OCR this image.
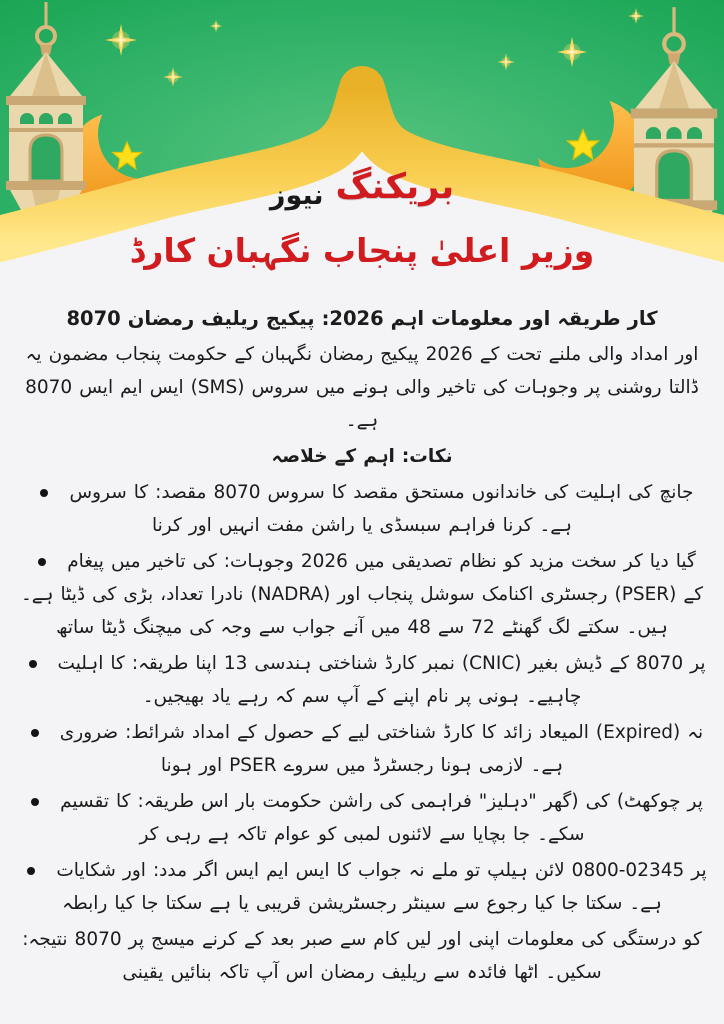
بریکنگ
نیوز
وزیر اعلیٰ پنجاب نگہبان کارڈ
8070 رمضان ریلیف پیکیج 2026: اہم معلومات اور طریقہ کار
یہ مضمون پنجاب حکومت کے نگہبان رمضان پیکیج 2026 کے تحت ملنے والی امداد اور
8070 ایس ایم ایس (SMS) سروس میں ہونے والی تاخیر کی وجوہات پر روشنی ڈالتا
ہے۔
خلاصہ کے اہم نکات:
سروس کا مقصد: 8070 سروس کا مقصد مستحق خاندانوں کی اہلیت کی جانچ
کرنا اور انہیں مفت راشن یا سبسڈی فراہم کرنا ہے۔
پیغام میں تاخیر کی وجوہات: 2026 میں تصدیقی نظام کو مزید سخت کر دیا گیا
ہے۔ ڈیٹا کی بڑی تعداد، نادرا (NADRA) اور پنجاب سوشل اکنامک رجسٹری (PSER) کے
ساتھ ڈیٹا میچنگ کی وجہ سے جواب آنے میں 48 سے 72 گھنٹے لگ سکتے ہیں۔
اہلیت کا طریقہ: اپنا 13 ہندسی شناختی کارڈ نمبر (CNIC) بغیر ڈیش کے 8070 پر
بھیجیں۔ یاد رہے کہ سم آپ کے اپنے نام پر ہونی چاہیے۔
ضروری شرائط: امداد کے حصول کے لیے شناختی کارڈ کا زائد المیعاد (Expired) نہ
ہونا اور PSER سروے میں رجسٹرڈ ہونا لازمی ہے۔
تقسیم کا طریقہ: اس بار حکومت راشن کی فراہمی "دہلیز" (گھر کی چوکھٹ) پر
کر رہی ہے تاکہ عوام کو لمبی لائنوں سے بچایا جا سکے۔
شکایات اور مدد: اگر ایس ایم ایس کا جواب نہ ملے تو ہیلپ لائن 0800-02345 پر
رابطہ کیا جا سکتا ہے یا قریبی رجسٹریشن سینٹر سے رجوع کیا جا سکتا ہے۔
نتیجہ: 8070 پر میسج کرنے کے بعد صبر سے کام لیں اور اپنی معلومات کی درستگی کو
یقینی بنائیں تاکہ آپ اس رمضان ریلیف سے فائدہ اٹھا سکیں۔
